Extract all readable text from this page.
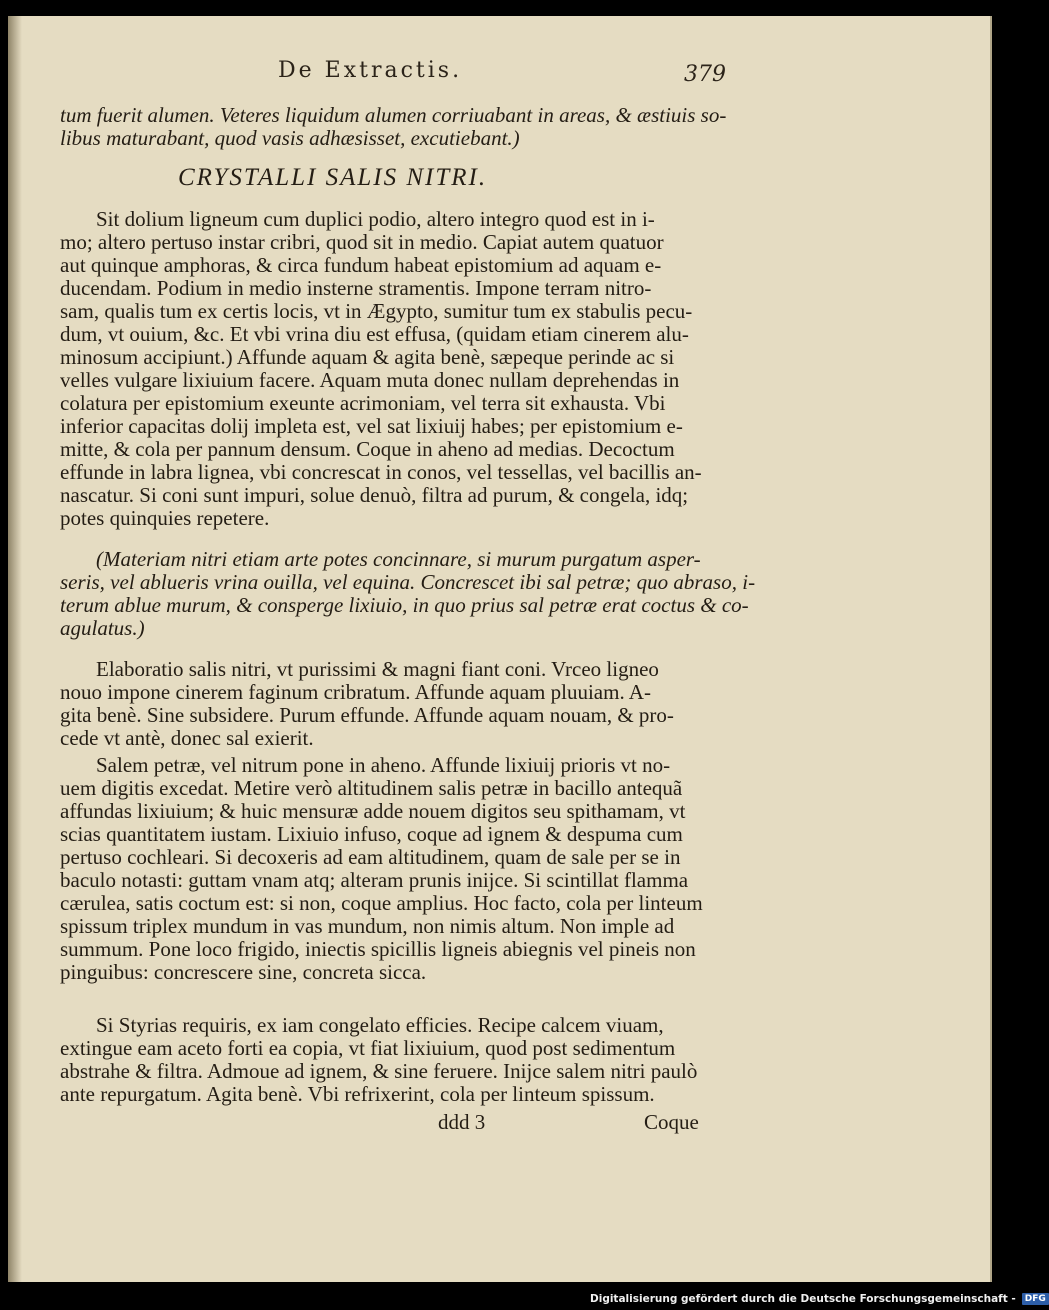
De Extractis.	379
tum fuerit alumen. Veteres liquidum alumen corriuabant in areas, & æstiuis so-
libus maturabant, quod vasis adhæsisset, excutiebant.)
CRYSTALLI SALIS NITRI.
Sit dolium ligneum cum duplici podio, altero integro quod est in i-
mo; altero pertuso instar cribri, quod sit in medio. Capiat autem quatuor
aut quinque amphoras, & circa fundum habeat epistomium ad aquam e-
ducendam. Podium in medio insterne stramentis. Impone terram nitro-
sam, qualis tum ex certis locis, vt in Ægypto, sumitur tum ex stabulis pecu-
dum, vt ouium, &c. Et vbi vrina diu est effusa, (quidam etiam cinerem alu-
minosum accipiunt.) Affunde aquam & agita benè, sæpeque perinde ac si
velles vulgare lixiuium facere. Aquam muta donec nullam deprehendas in
colatura per epistomium exeunte acrimoniam, vel terra sit exhausta. Vbi
inferior capacitas dolij impleta est, vel sat lixiuij habes; per epistomium e-
mitte, & cola per pannum densum. Coque in aheno ad medias. Decoctum
effunde in labra lignea, vbi concrescat in conos, vel tessellas, vel bacillis an-
nascatur. Si coni sunt impuri, solue denuò, filtra ad purum, & congela, idq;
potes quinquies repetere.
(Materiam nitri etiam arte potes concinnare, si murum purgatum asper-
seris, vel ablueris vrina ouilla, vel equina. Concrescet ibi sal petræ; quo abraso, i-
terum ablue murum, & consperge lixiuio, in quo prius sal petræ erat coctus & co-
agulatus.)
Elaboratio salis nitri, vt purissimi & magni fiant coni. Vrceo ligneo
nouo impone cinerem faginum cribratum. Affunde aquam pluuiam. A-
gita benè. Sine subsidere. Purum effunde. Affunde aquam nouam, & pro-
cede vt antè, donec sal exierit.
Salem petræ, vel nitrum pone in aheno. Affunde lixiuij prioris vt no-
uem digitis excedat. Metire verò altitudinem salis petræ in bacillo antequã
affundas lixiuium; & huic mensuræ adde nouem digitos seu spithamam, vt
scias quantitatem iustam. Lixiuio infuso, coque ad ignem & despuma cum
pertuso cochleari. Si decoxeris ad eam altitudinem, quam de sale per se in
baculo notasti: guttam vnam atq; alteram prunis inijce. Si scintillat flamma
cærulea, satis coctum est: si non, coque amplius. Hoc facto, cola per linteum
spissum triplex mundum in vas mundum, non nimis altum. Non imple ad
summum. Pone loco frigido, iniectis spicillis ligneis abiegnis vel pineis non
pinguibus: concrescere sine, concreta sicca.
Si Styrias requiris, ex iam congelato efficies. Recipe calcem viuam,
extingue eam aceto forti ea copia, vt fiat lixiuium, quod post sedimentum
abstrahe & filtra. Admoue ad ignem, & sine feruere. Inijce salem nitri paulò
ante repurgatum. Agita benè. Vbi refrixerint, cola per linteum spissum.
ddd 3	Coque
Digitalisierung gefördert durch die Deutsche Forschungsgemeinschaft -	DFG
